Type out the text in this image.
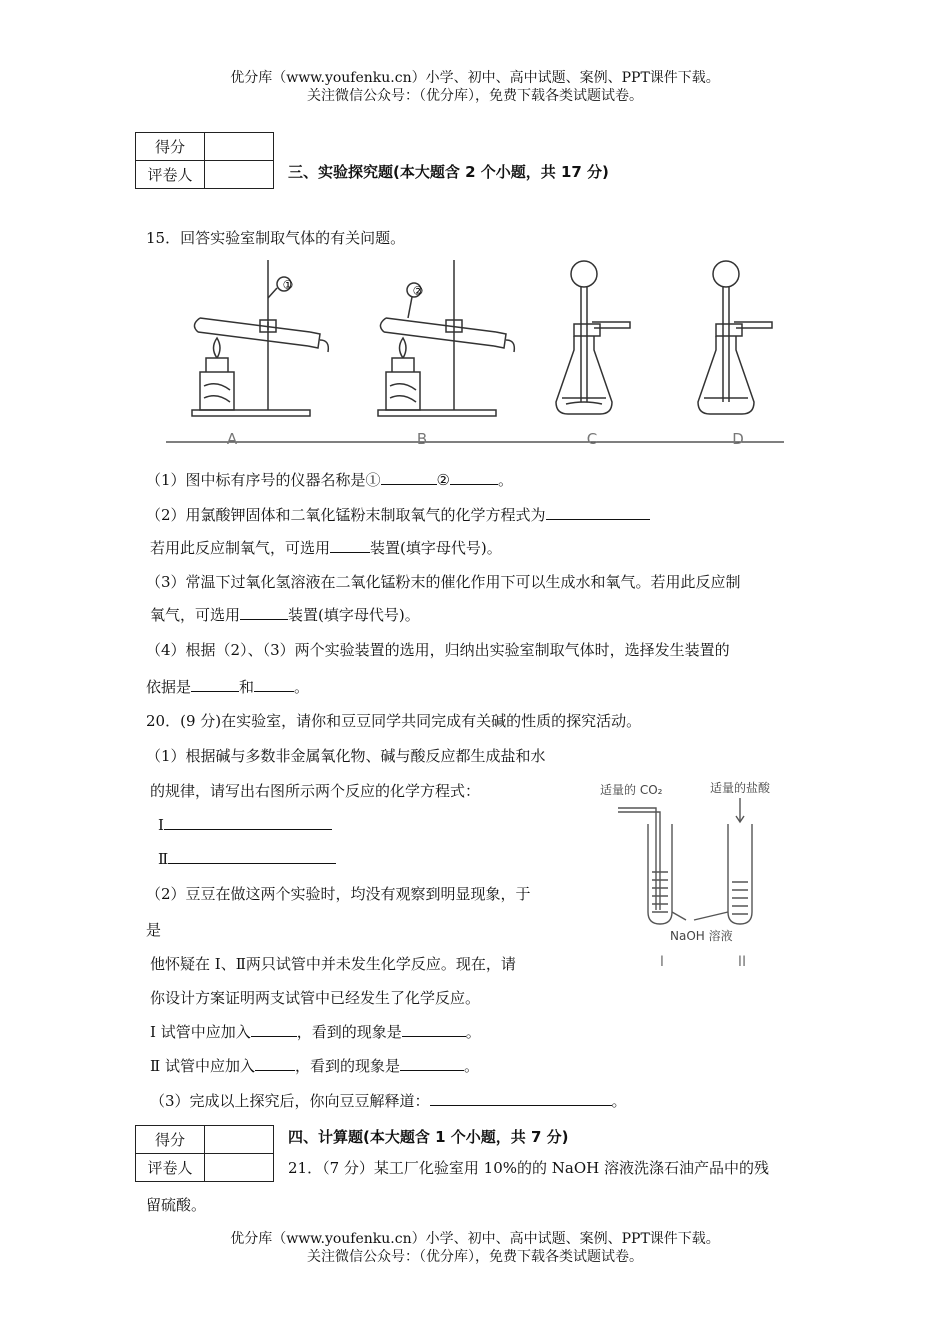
优分库（www.youfenku.cn）小学、初中、高中试题、案例、PPT课件下载。
关注微信公众号：（优分库），免费下载各类试题试卷。
得分	
评卷人		三、实验探究题(本大题含 2 个小题，共 17 分)
15．回答实验室制取气体的有关问题。
①	②
A	B	C	D
（1）图中标有序号的仪器名称是①	②	。
（2）用氯酸钾固体和二氧化锰粉末制取氧气的化学方程式为
若用此反应制氧气，可选用	装置(填字母代号)。
（3）常温下过氧化氢溶液在二氧化锰粉末的催化作用下可以生成水和氧气。若用此反应制
氧气，可选用	装置(填字母代号)。
（4）根据（2）、（3）两个实验装置的选用，归纳出实验室制取气体时，选择发生装置的
依据是	和	。
20．(9 分)在实验室，请你和豆豆同学共同完成有关碱的性质的探究活动。
（1）根据碱与多数非金属氧化物、碱与酸反应都生成盐和水
的规律，请写出右图所示两个反应的化学方程式：
I
Ⅱ
（2）豆豆在做这两个实验时，均没有观察到明显现象，于
是
他怀疑在 I、Ⅱ两只试管中并未发生化学反应。现在，请
你设计方案证明两支试管中已经发生了化学反应。
I 试管中应加入	，看到的现象是	。
Ⅱ 试管中应加入	，看到的现象是	。
（3）完成以上探究后，你向豆豆解释道：	。
适量的 CO₂	适量的盐酸
NaOH 溶液
I	II
得分	
评卷人	
四、计算题(本大题含 1 个小题，共 7 分)
21．（7 分）某工厂化验室用 10%的的 NaOH 溶液洗涤石油产品中的残
留硫酸。
优分库（www.youfenku.cn）小学、初中、高中试题、案例、PPT课件下载。
关注微信公众号：（优分库），免费下载各类试题试卷。
